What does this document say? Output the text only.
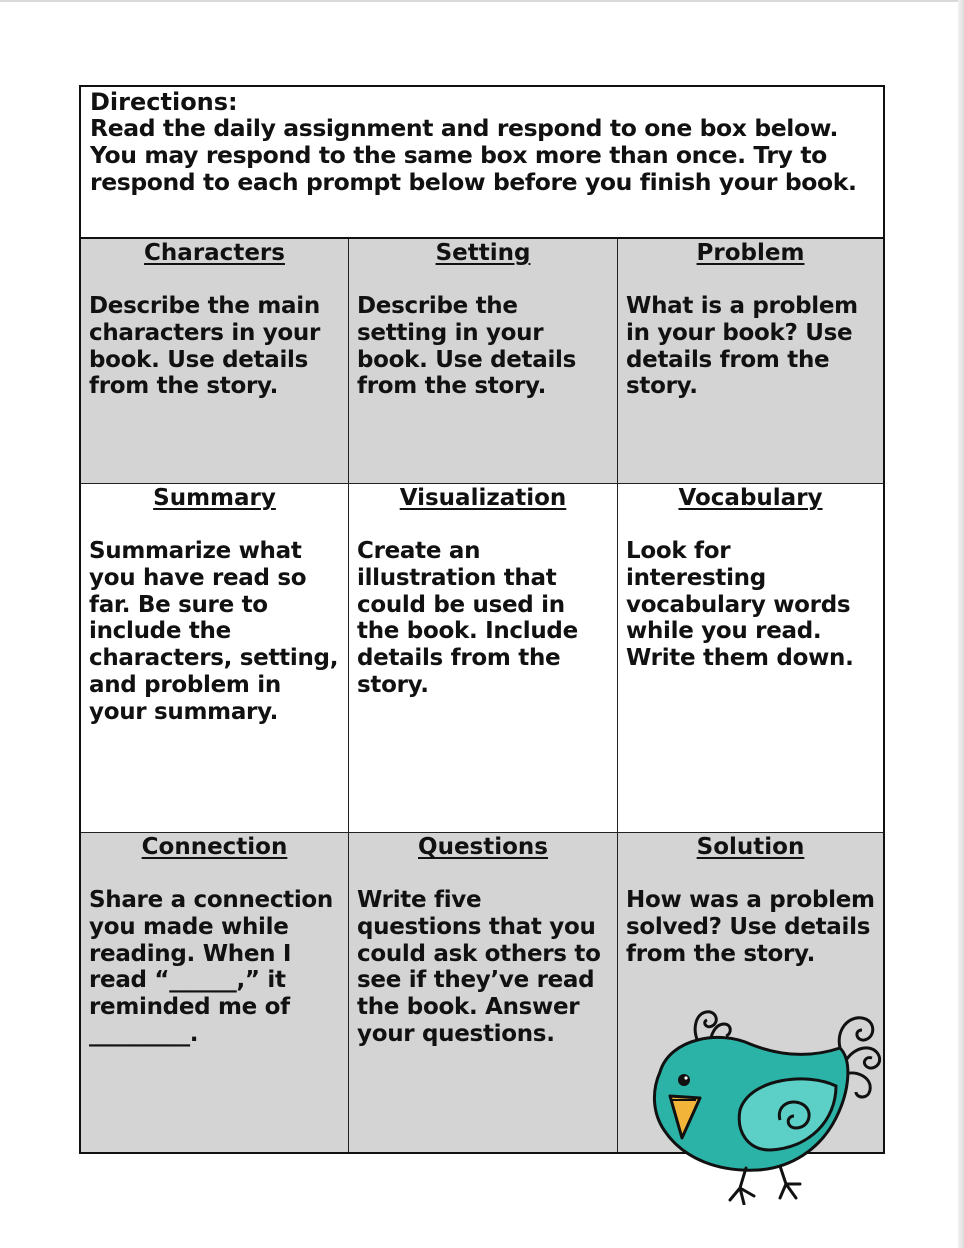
Directions:
Read the daily assignment and respond to one box below. You may respond to the same box more than once. Try to respond to each prompt below before you finish your book.
Characters
Describe the main characters in your book. Use details from the story.
Setting
Describe the setting in your book. Use details from the story.
Problem
What is a problem in your book? Use details from the story.
Summary
Summarize what you have read so far. Be sure to include the characters, setting, and problem in your summary.
Visualization
Create an illustration that could be used in the book. Include details from the story.
Vocabulary
Look for interesting vocabulary words while you read. Write them down.
Connection
Share a connection you made while reading. When I read “______,” it reminded me of _________.
Questions
Write five questions that you could ask others to see if they’ve read the book. Answer your questions.
Solution
How was a problem solved? Use details from the story.
